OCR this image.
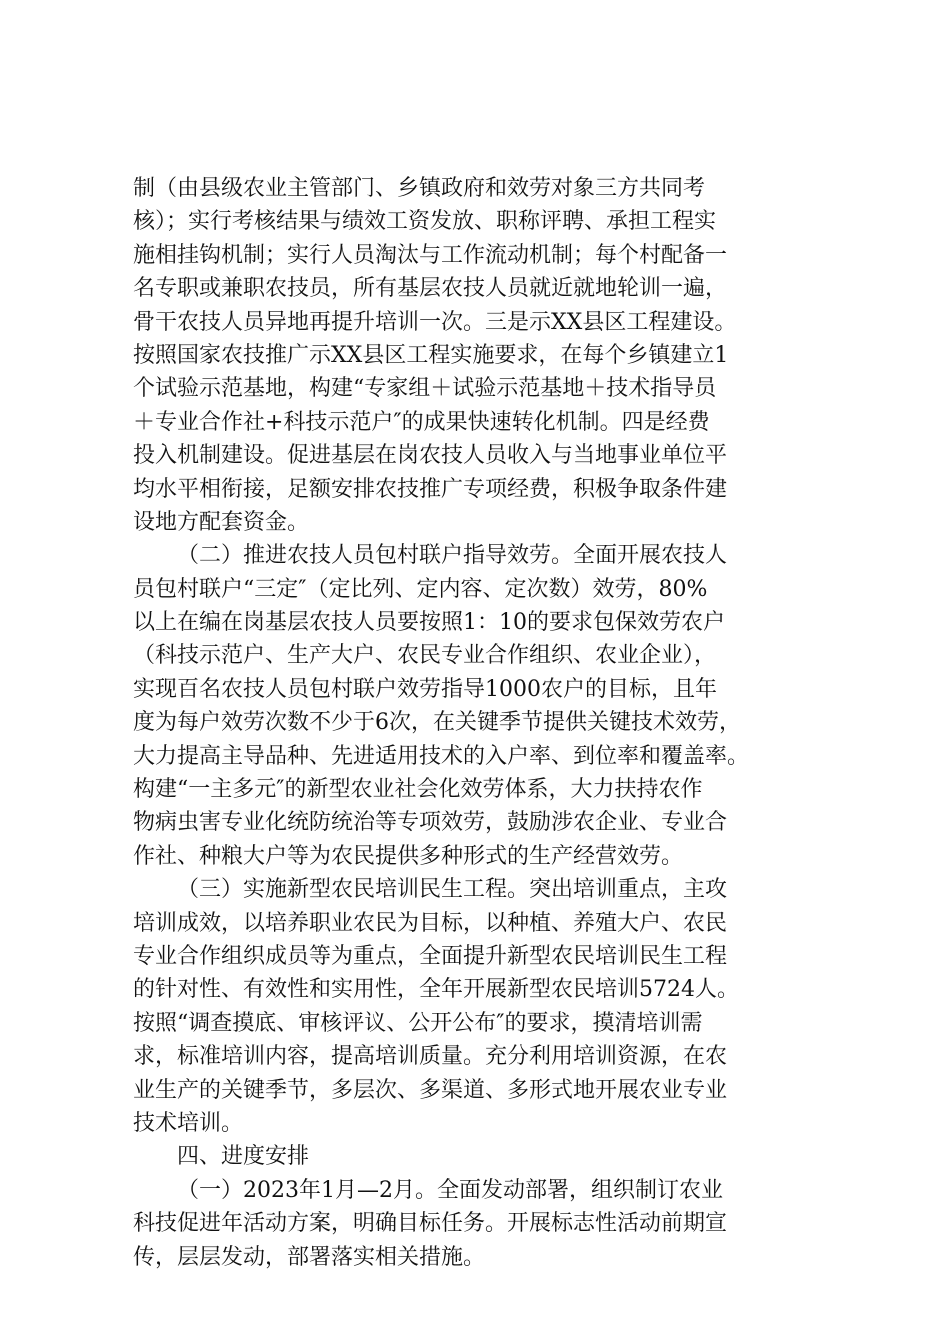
制（由县级农业主管部门、乡镇政府和效劳对象三方共同考
核）；实行考核结果与绩效工资发放、职称评聘、承担工程实
施相挂钩机制；实行人员淘汰与工作流动机制；每个村配备一
名专职或兼职农技员，所有基层农技人员就近就地轮训一遍，
骨干农技人员异地再提升培训一次。三是示XX县区工程建设。
按照国家农技推广示XX县区工程实施要求，在每个乡镇建立1
个试验示范基地，构建“专家组＋试验示范基地＋技术指导员
＋专业合作社+科技示范户″的成果快速转化机制。四是经费
投入机制建设。促进基层在岗农技人员收入与当地事业单位平
均水平相衔接，足额安排农技推广专项经费，积极争取条件建
设地方配套资金。
（二）推进农技人员包村联户指导效劳。全面开展农技人
员包村联户“三定″（定比列、定内容、定次数）效劳，80%
以上在编在岗基层农技人员要按照1：10的要求包保效劳农户
（科技示范户、生产大户、农民专业合作组织、农业企业），
实现百名农技人员包村联户效劳指导1000农户的目标，且年
度为每户效劳次数不少于6次，在关键季节提供关键技术效劳，
大力提高主导品种、先进适用技术的入户率、到位率和覆盖率。
构建“一主多元″的新型农业社会化效劳体系，大力扶持农作
物病虫害专业化统防统治等专项效劳，鼓励涉农企业、专业合
作社、种粮大户等为农民提供多种形式的生产经营效劳。
（三）实施新型农民培训民生工程。突出培训重点，主攻
培训成效，以培养职业农民为目标，以种植、养殖大户、农民
专业合作组织成员等为重点，全面提升新型农民培训民生工程
的针对性、有效性和实用性，全年开展新型农民培训5724人。
按照“调查摸底、审核评议、公开公布″的要求，摸清培训需
求，标准培训内容，提高培训质量。充分利用培训资源，在农
业生产的关键季节，多层次、多渠道、多形式地开展农业专业
技术培训。
四、进度安排
（一）2023年1月—2月。全面发动部署，组织制订农业
科技促进年活动方案，明确目标任务。开展标志性活动前期宣
传，层层发动，部署落实相关措施。
